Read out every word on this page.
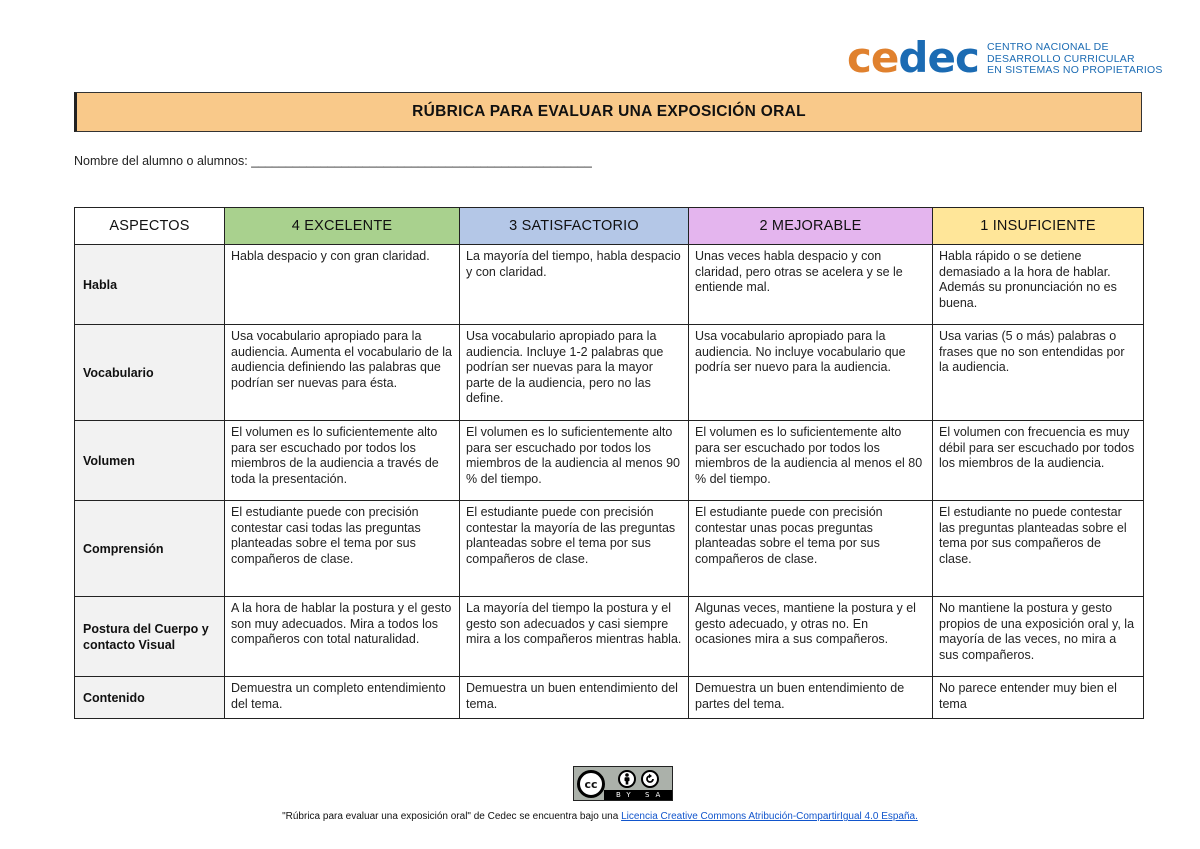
cedec CENTRO NACIONAL DE
DESARROLLO CURRICULAR
EN SISTEMAS NO PROPIETARIOS
RÚBRICA PARA EVALUAR UNA EXPOSICIÓN ORAL
Nombre del alumno o alumnos: _________________________________________________
ASPECTOS	4 EXCELENTE	3 SATISFACTORIO	2 MEJORABLE	1 INSUFICIENTE
Habla	Habla despacio y con gran claridad.	La mayoría del tiempo, habla despacio y con claridad.	Unas veces habla despacio y con claridad, pero otras se acelera y se le entiende mal.	Habla rápido o se detiene demasiado a la hora de hablar. Además su pronunciación no es buena.
Vocabulario	Usa vocabulario apropiado para la audiencia. Aumenta el vocabulario de la audiencia definiendo las palabras que podrían ser nuevas para ésta.	Usa vocabulario apropiado para la audiencia. Incluye 1-2 palabras que podrían ser nuevas para la mayor parte de la audiencia, pero no las define.	Usa vocabulario apropiado para la audiencia. No incluye vocabulario que podría ser nuevo para la audiencia.	Usa varias (5 o más) palabras o frases que no son entendidas por la audiencia.
Volumen	El volumen es lo suficientemente alto para ser escuchado por todos los miembros de la audiencia a través de toda la presentación.	El volumen es lo suficientemente alto para ser escuchado por todos los miembros de la audiencia al menos 90 % del tiempo.	El volumen es lo suficientemente alto para ser escuchado por todos los miembros de la audiencia al menos el 80 % del tiempo.	El volumen con frecuencia es muy débil para ser escuchado por todos los miembros de la audiencia.
Comprensión	El estudiante puede con precisión contestar casi todas las preguntas planteadas sobre el tema por sus compañeros de clase.	El estudiante puede con precisión contestar la mayoría de las preguntas planteadas sobre el tema por sus compañeros de clase.	El estudiante puede con precisión contestar unas pocas preguntas planteadas sobre el tema por sus compañeros de clase.	El estudiante no puede contestar las preguntas planteadas sobre el tema por sus compañeros de clase.
Postura del Cuerpo y contacto Visual	A la hora de hablar la postura y el gesto son muy adecuados. Mira a todos los compañeros con total naturalidad.	La mayoría del tiempo la postura y el gesto son adecuados y casi siempre mira a los compañeros mientras habla.	Algunas veces, mantiene la postura y el gesto adecuado, y otras no. En ocasiones mira a sus compañeros.	No mantiene la postura y gesto propios de una exposición oral y, la mayoría de las veces, no mira a sus compañeros.
Contenido	Demuestra un completo entendimiento del tema.	Demuestra un buen entendimiento del tema.	Demuestra un buen entendimiento de partes del tema.	No parece entender muy bien el tema
cc
BY SA
"Rúbrica para evaluar una exposición oral" de Cedec se encuentra bajo una Licencia Creative Commons Atribución-CompartirIgual 4.0 España.
